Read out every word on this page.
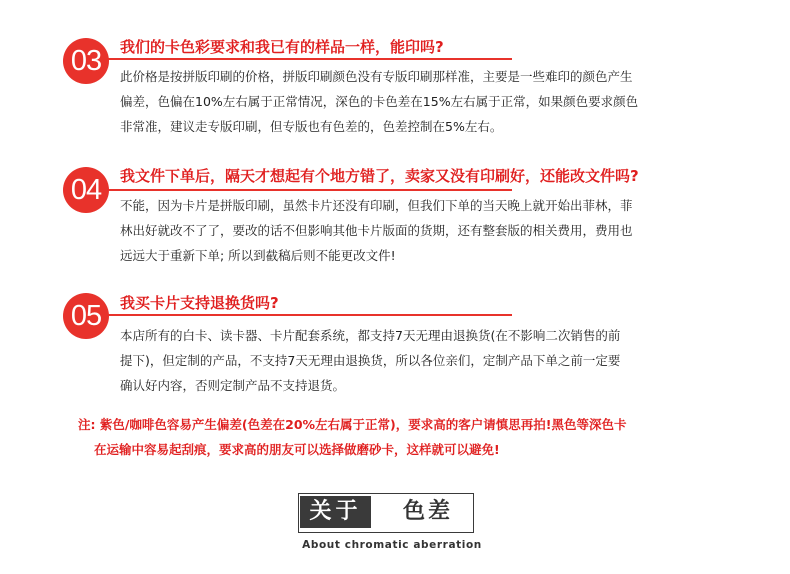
03	我们的卡色彩要求和我已有的样品一样，能印吗?
此价格是按拼版印刷的价格，拼版印刷颜色没有专版印刷那样准，主要是一些难印的颜色产生
偏差，色偏在10%左右属于正常情况，深色的卡色差在15%左右属于正常，如果颜色要求颜色
非常准，建议走专版印刷，但专版也有色差的，色差控制在5%左右。
04	我文件下单后，隔天才想起有个地方错了，卖家又没有印刷好，还能改文件吗?
不能，因为卡片是拼版印刷，虽然卡片还没有印刷，但我们下单的当天晚上就开始出菲林，菲
林出好就改不了了，要改的话不但影响其他卡片版面的货期，还有整套版的相关费用，费用也
远远大于重新下单; 所以到截稿后则不能更改文件!
05	我买卡片支持退换货吗?
本店所有的白卡、读卡器、卡片配套系统，都支持7天无理由退换货(在不影响二次销售的前
提下)，但定制的产品，不支持7天无理由退换货，所以各位亲们，定制产品下单之前一定要
确认好内容，否则定制产品不支持退货。
注: 紫色/咖啡色容易产生偏差(色差在20%左右属于正常)，要求高的客户请慎思再拍!黑色等深色卡
在运输中容易起刮痕，要求高的朋友可以选择做磨砂卡，这样就可以避免!
关于	色差
About chromatic aberration
